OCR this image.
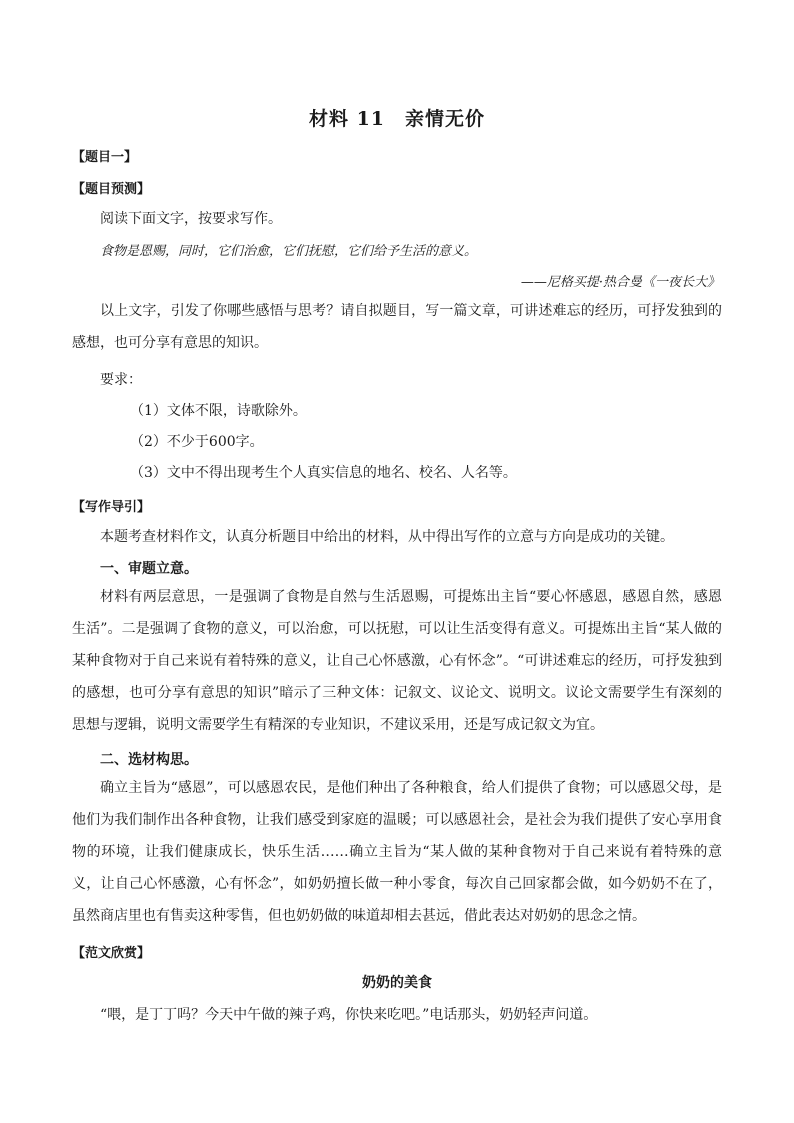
材料 11　亲情无价
【题目一】
【题目预测】
阅读下面文字，按要求写作。
食物是恩赐，同时，它们治愈，它们抚慰，它们给予生活的意义。
——尼格买提·热合曼《一夜长大》
以上文字，引发了你哪些感悟与思考？请自拟题目，写一篇文章，可讲述难忘的经历，可抒发独到的感想，也可分享有意思的知识。
要求：
（1）文体不限，诗歌除外。
（2）不少于600字。
（3）文中不得出现考生个人真实信息的地名、校名、人名等。
【写作导引】
本题考查材料作文，认真分析题目中给出的材料，从中得出写作的立意与方向是成功的关键。
一、审题立意。
材料有两层意思，一是强调了食物是自然与生活恩赐，可提炼出主旨“要心怀感恩，感恩自然，感恩生活”。二是强调了食物的意义，可以治愈，可以抚慰，可以让生活变得有意义。可提炼出主旨“某人做的某种食物对于自己来说有着特殊的意义，让自己心怀感激，心有怀念”。“可讲述难忘的经历，可抒发独到的感想，也可分享有意思的知识”暗示了三种文体：记叙文、议论文、说明文。议论文需要学生有深刻的思想与逻辑，说明文需要学生有精深的专业知识，不建议采用，还是写成记叙文为宜。
二、选材构思。
确立主旨为“感恩”，可以感恩农民，是他们种出了各种粮食，给人们提供了食物；可以感恩父母，是他们为我们制作出各种食物，让我们感受到家庭的温暖；可以感恩社会，是社会为我们提供了安心享用食物的环境，让我们健康成长，快乐生活……确立主旨为“某人做的某种食物对于自己来说有着特殊的意义，让自己心怀感激，心有怀念”，如奶奶擅长做一种小零食，每次自己回家都会做，如今奶奶不在了，虽然商店里也有售卖这种零售，但也奶奶做的味道却相去甚远，借此表达对奶奶的思念之情。
【范文欣赏】
奶奶的美食
“喂，是丁丁吗？今天中午做的辣子鸡，你快来吃吧。”电话那头，奶奶轻声问道。
